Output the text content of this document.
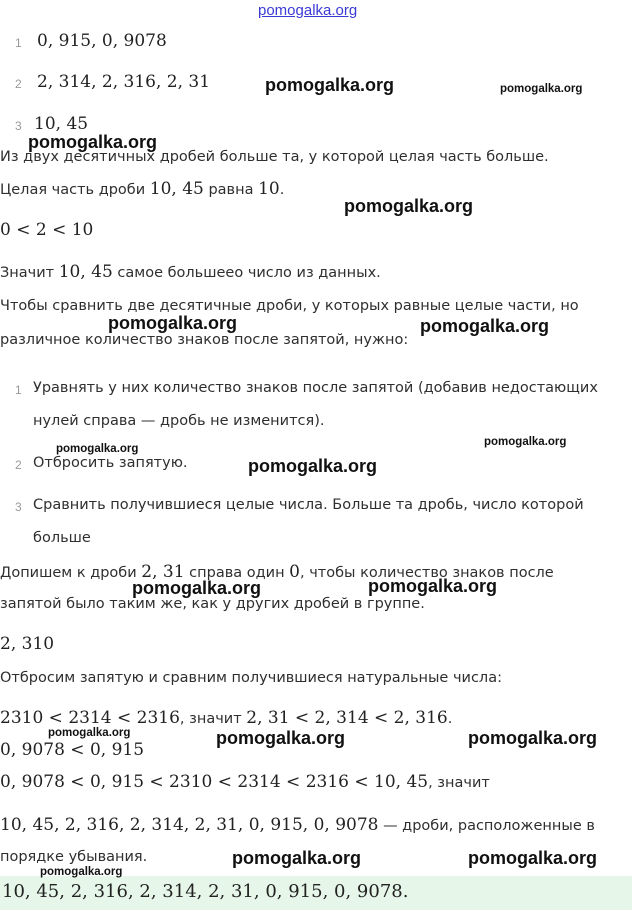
pomogalka.org
1 0, 915, 0, 9078
2 2, 314, 2, 316, 2, 31
3 10, 45
Из двух десятичных дробей больше та, у которой целая часть больше.
Целая часть дроби 10, 45 равна 10.
0 < 2 < 10
Значит 10, 45 самое большеео число из данных.
Чтобы сравнить две десятичные дроби, у которых равные целые части, но
различное количество знаков после запятой, нужно:
1 Уравнять у них количество знаков после запятой (добавив недостающих
нулей справа — дробь не изменится).
2 Отбросить запятую.
3 Сравнить получившиеся целые числа. Больше та дробь, число которой
больше
Допишем к дроби 2, 31 справа один 0, чтобы количество знаков после
запятой было таким же, как у других дробей в группе.
2, 310
Отбросим запятую и сравним получившиеся натуральные числа:
2310 < 2314 < 2316, значит 2, 31 < 2, 314 < 2, 316.
0, 9078 < 0, 915
0, 9078 < 0, 915 < 2310 < 2314 < 2316 < 10, 45, значит
10, 45, 2, 316, 2, 314, 2, 31, 0, 915, 0, 9078 — дроби, расположенные в
порядке убывания.
10, 45, 2, 316, 2, 314, 2, 31, 0, 915, 0, 9078.
pomogalka.org	pomogalka.org
pomogalka.org
pomogalka.org
pomogalka.org	pomogalka.org
pomogalka.org
pomogalka.org
pomogalka.org
pomogalka.org	pomogalka.org
pomogalka.org	pomogalka.org	pomogalka.org
pomogalka.org	pomogalka.org
pomogalka.org
